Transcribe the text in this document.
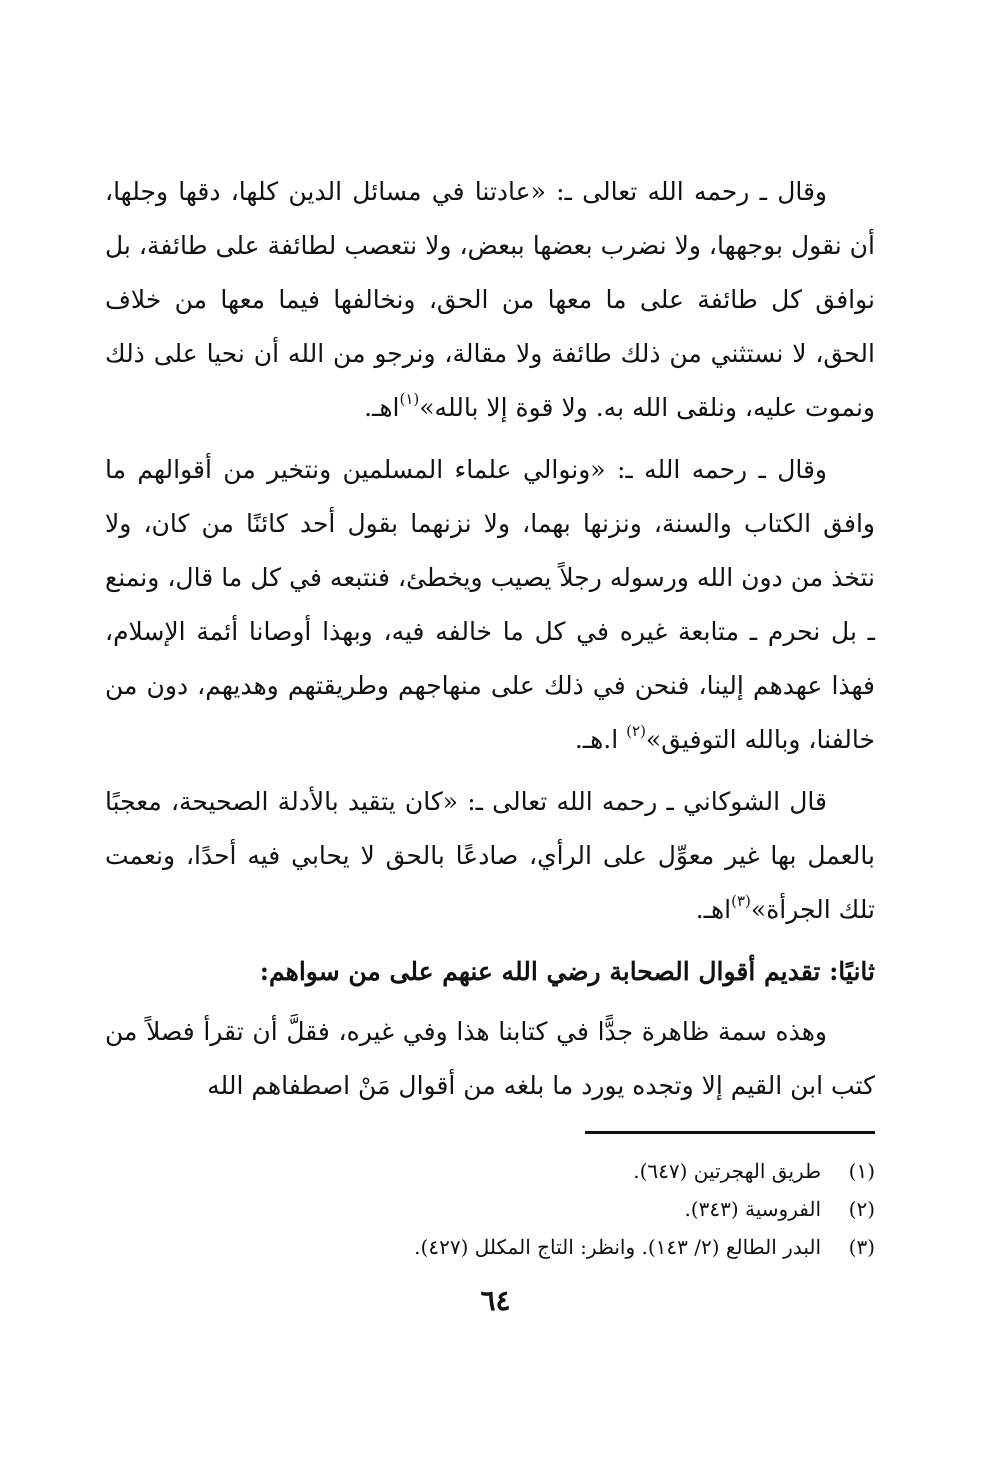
وقال ـ رحمه الله تعالى ـ: «عادتنا في مسائل الدين كلها، دقها وجلها، أن نقول بوجهها، ولا نضرب بعضها ببعض، ولا نتعصب لطائفة على طائفة، بل نوافق كل طائفة على ما معها من الحق، ونخالفها فيما معها من خلاف الحق، لا نستثني من ذلك طائفة ولا مقالة، ونرجو من الله أن نحيا على ذلك ونموت عليه، ونلقى الله به. ولا قوة إلا بالله»$^{(١)}$اهـ.

وقال ـ رحمه الله ـ: «ونوالي علماء المسلمين ونتخير من أقوالهم ما وافق الكتاب والسنة، ونزنها بهما، ولا نزنهما بقول أحد كائنًا من كان، ولا نتخذ من دون الله ورسوله رجلاً يصيب ويخطئ، فنتبعه في كل ما قال، ونمنع ـ بل نحرم ـ متابعة غيره في كل ما خالفه فيه، وبهذا أوصانا أئمة الإسلام، فهذا عهدهم إلينا، فنحن في ذلك على منهاجهم وطريقتهم وهديهم، دون من خالفنا، وبالله التوفيق»$^{(٢)}$ ا.هـ.

قال الشوكاني ـ رحمه الله تعالى ـ: «كان يتقيد بالأدلة الصحيحة، معجبًا بالعمل بها غير معوِّل على الرأي، صادعًا بالحق لا يحابي فيه أحدًا، ونعمت تلك الجرأة»$^{(٣)}$اهـ.

ثانيًا: تقديم أقوال الصحابة رضي الله عنهم على من سواهم:

وهذه سمة ظاهرة جدًّا في كتابنا هذا وفي غيره، فقلَّ أن تقرأ فصلاً من كتب ابن القيم إلا وتجده يورد ما بلغه من أقوال مَنْ اصطفاهم الله

(١)
طريق الهجرتين (٦٤٧).
(٢)
الفروسية (٣٤٣).
(٣)
البدر الطالع (٢/ ١٤٣). وانظر: التاج المكلل (٤٢٧).
٦٤
